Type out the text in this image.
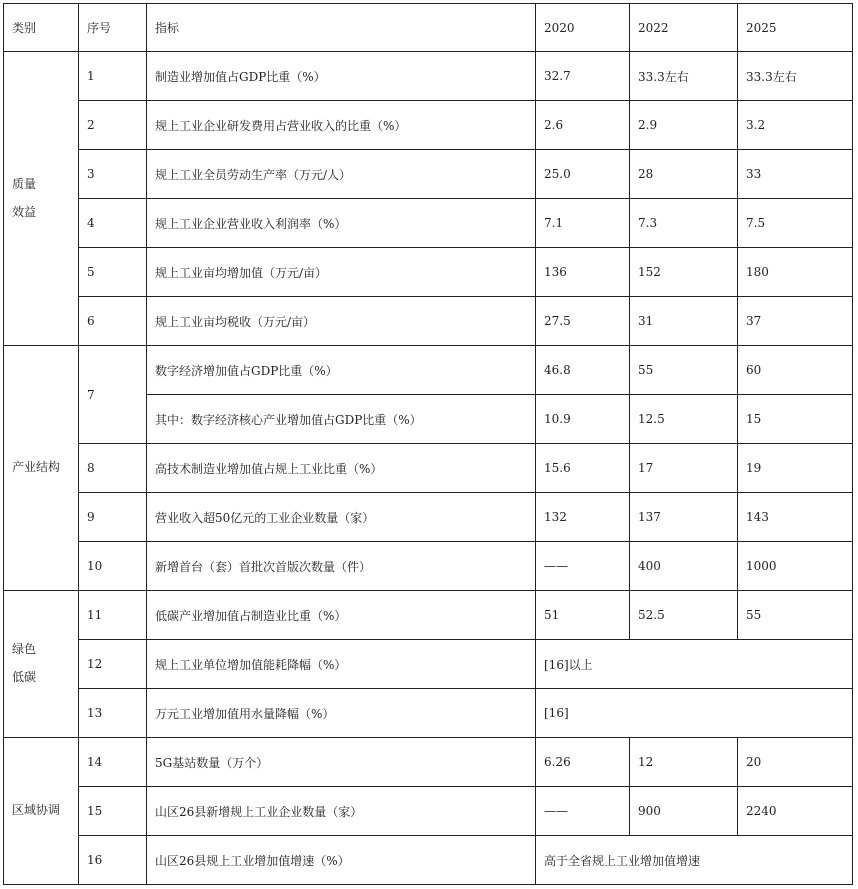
类别	序号	指标	2020	2022	2025
质量
效益	1	制造业增加值占GDP比重（%）	32.7	33.3左右	33.3左右
	2	规上工业企业研发费用占营业收入的比重（%）	2.6	2.9	3.2
	3	规上工业全员劳动生产率（万元/人）	25.0	28	33
	4	规上工业企业营业收入利润率（%）	7.1	7.3	7.5
	5	规上工业亩均增加值（万元/亩）	136	152	180
	6	规上工业亩均税收（万元/亩）	27.5	31	37
产业结构	7	数字经济增加值占GDP比重（%）	46.8	55	60
		其中：数字经济核心产业增加值占GDP比重（%）	10.9	12.5	15
	8	高技术制造业增加值占规上工业比重（%）	15.6	17	19
	9	营业收入超50亿元的工业企业数量（家）	132	137	143
	10	新增首台（套）首批次首版次数量（件）	——	400	1000
绿色
低碳	11	低碳产业增加值占制造业比重（%）	51	52.5	55
	12	规上工业单位增加值能耗降幅（%）	[16]以上		
	13	万元工业增加值用水量降幅（%）	[16]		
区域协调	14	5G基站数量（万个）	6.26	12	20
	15	山区26县新增规上工业企业数量（家）	——	900	2240
	16	山区26县规上工业增加值增速（%）	高于全省规上工业增加值增速		
